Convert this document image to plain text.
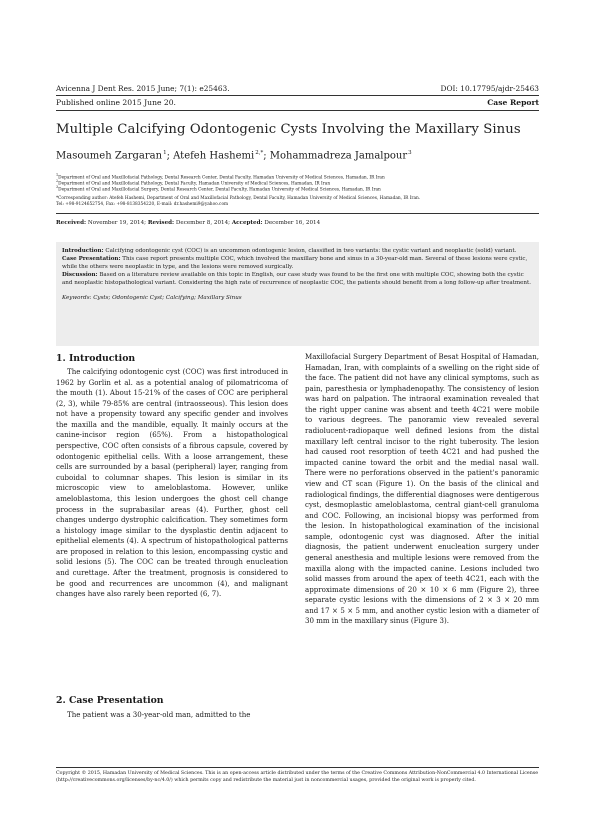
Avicenna J Dent Res. 2015 June; 7(1): e25463.	DOI: 10.17795/ajdr-25463
Published online 2015 June 20.	Case Report
Multiple Calcifying Odontogenic Cysts Involving the Maxillary Sinus
Masoumeh Zargaran$^1$; Atefeh Hashemi$^{2,*}$; Mohammadreza Jamalpour$^3$
$^1$Department of Oral and Maxillofacial Pathology, Dental Research Center, Dental Faculty, Hamadan University of Medical Sciences, Hamadan, IR Iran
$^2$Department of Oral and Maxillofacial Pathology, Dental Faculty, Hamadan University of Medical Sciences, Hamadan, IR Iran
$^3$Department of Oral and Maxillofacial Surgery, Dental Research Center, Dental Faculty, Hamadan University of Medical Sciences, Hamadan, IR Iran
*Corresponding author: Atefeh Hashemi, Department of Oral and Maxillofacial Pathology, Dental Faculty, Hamadan University of Medical Sciences, Hamadan, IR Iran.
Tel: +98-9124652754, Fax: +98-8138354220, E-mail: dr.hashemi9@yahoo.com
Received: November 19, 2014; Revised: December 8, 2014; Accepted: December 16, 2014

Introduction: Calcifying odontogenic cyst (COC) is an uncommon odontogenic lesion, classified in two variants: the cystic variant and neoplastic (solid) variant.

Case Presentation: This case report presents multiple COC, which involved the maxillary bone and sinus in a 30-year-old man. Several of these lesions were cystic, while the others were neoplastic in type, and the lesions were removed surgically.

Discussion: Based on a literature review available on this topic in English, our case study was found to be the first one with multiple COC, showing both the cystic and neoplastic histopathological variant. Considering the high rate of recurrence of neoplastic COC, the patients should benefit from a long follow-up after treatment.

Keywords: Cysts; Odontogenic Cyst; Calcifying; Maxillary Sinus

1. Introduction

The calcifying odontogenic cyst (COC) was first introduced in 1962 by Gorlin et al. as a potential analog of pilomatricoma of the mouth (1). About 15-21% of the cases of COC are peripheral (2, 3), while 79-85% are central (intraosseous). This lesion does not have a propensity toward any specific gender and involves the maxilla and the mandible, equally. It mainly occurs at the canine-incisor region (65%). From a histopathological perspective, COC often consists of a fibrous capsule, covered by odontogenic epithelial cells. With a loose arrangement, these cells are surrounded by a basal (peripheral) layer, ranging from cuboidal to columnar shapes. This lesion is similar in its microscopic view to ameloblastoma. However, unlike ameloblastoma, this lesion undergoes the ghost cell change process in the suprabasilar areas (4). Further, ghost cell changes undergo dystrophic calcification. They sometimes form a histology image similar to the dysplastic dentin adjacent to epithelial elements (4). A spectrum of histopathological patterns are proposed in relation to this lesion, encompassing cystic and solid lesions (5). The COC can be treated through enucleation and curettage. After the treatment, prognosis is considered to be good and recurrences are uncommon (4), and malignant changes have also rarely been reported (6, 7).

2. Case Presentation

The patient was a 30-year-old man, admitted to the

Maxillofacial Surgery Department of Besat Hospital of Hamadan, Hamadan, Iran, with complaints of a swelling on the right side of the face. The patient did not have any clinical symptoms, such as pain, paresthesia or lymphadenopathy. The consistency of lesion was hard on palpation. The intraoral examination revealed that the right upper canine was absent and teeth 4C21 were mobile to various degrees. The panoramic view revealed several radiolucent-radiopaque well defined lesions from the distal maxillary left central incisor to the right tuberosity. The lesion had caused root resorption of teeth 4C21 and had pushed the impacted canine toward the orbit and the medial nasal wall. There were no perforations observed in the patient's panoramic view and CT scan (Figure 1). On the basis of the clinical and radiological findings, the differential diagnoses were dentigerous cyst, desmoplastic ameloblastoma, central giant-cell granuloma and COC. Following, an incisional biopsy was performed from the lesion. In histopathological examination of the incisional sample, odontogenic cyst was diagnosed. After the initial diagnosis, the patient underwent enucleation surgery under general anesthesia and multiple lesions were removed from the maxilla along with the impacted canine. Lesions included two solid masses from around the apex of teeth 4C21, each with the approximate dimensions of 20 × 10 × 6 mm (Figure 2), three separate cystic lesions with the dimensions of 2 × 3 × 20 mm and 17 × 5 × 5 mm, and another cystic lesion with a diameter of 30 mm in the maxillary sinus (Figure 3).

Copyright © 2015, Hamadan University of Medical Sciences. This is an open-access article distributed under the terms of the Creative Commons Attribution-NonCommercial 4.0 International License (http://creativecommons.org/licenses/by-nc/4.0/) which permits copy and redistribute the material just in noncommercial usages, provided the original work is properly cited.
